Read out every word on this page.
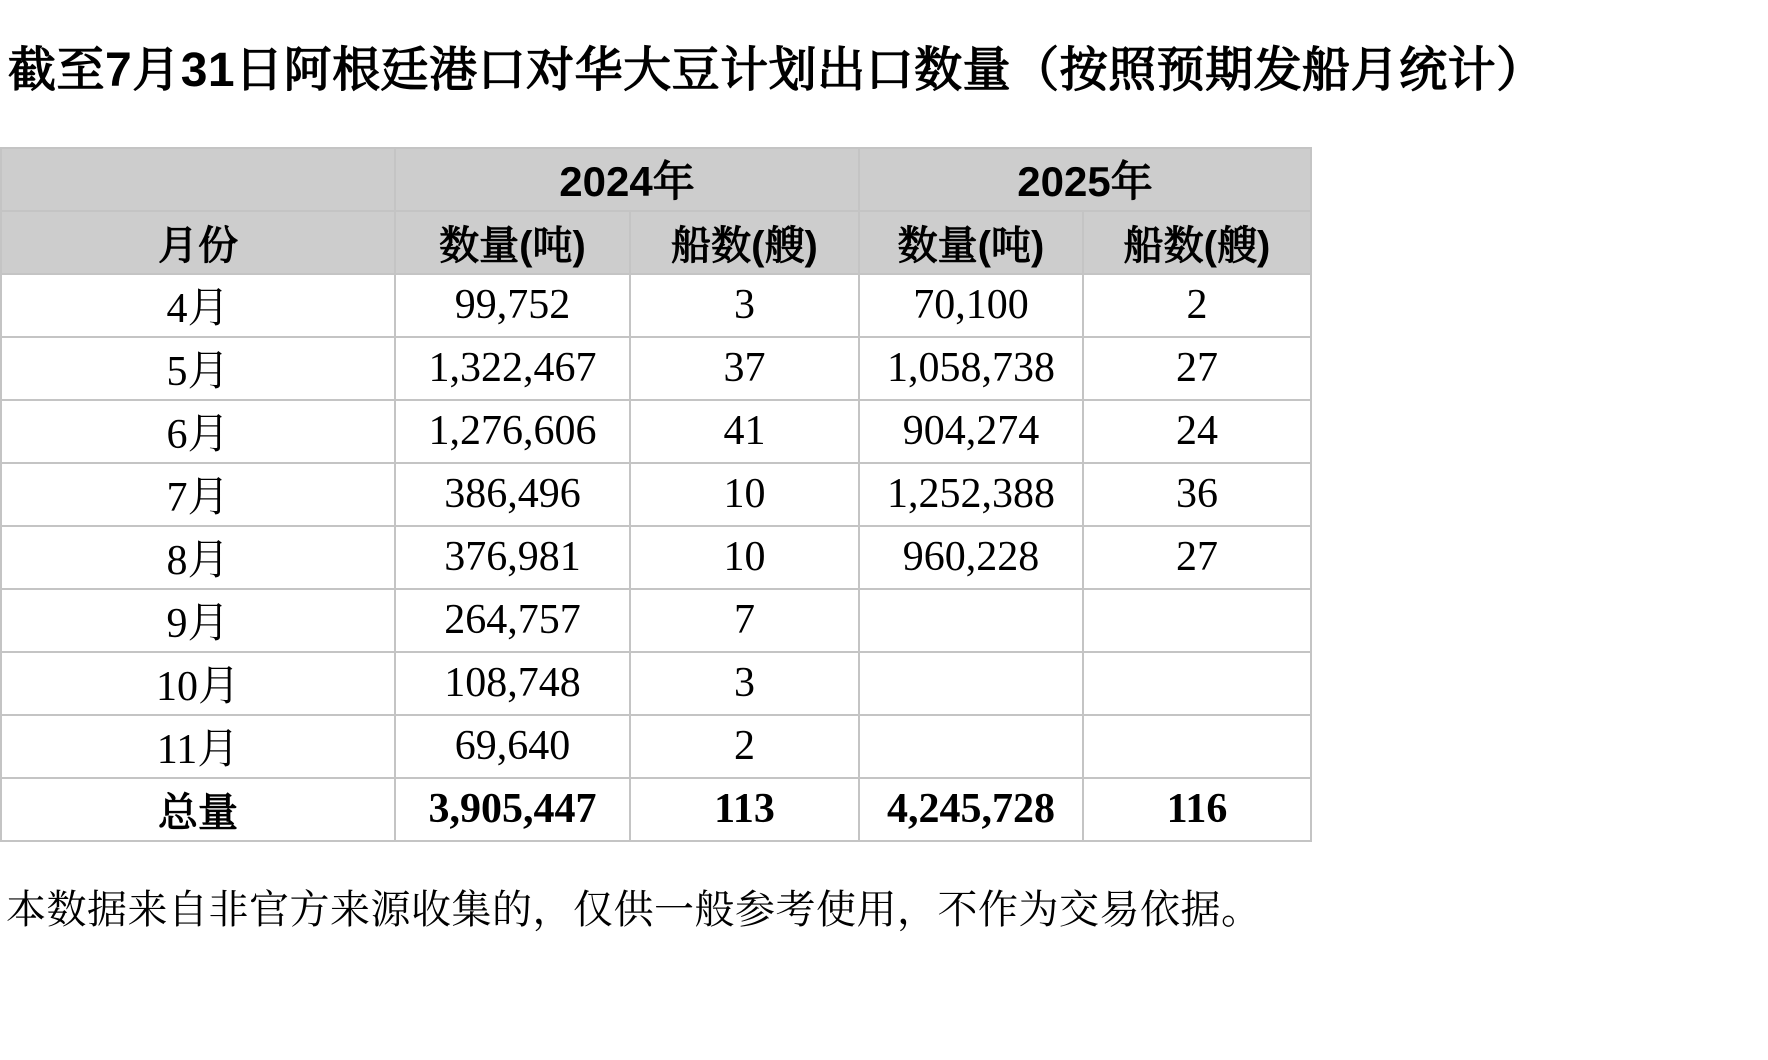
截至7月31日阿根廷港口对华大豆计划出口数量（按照预期发船月统计）
	2024年		2025年	
月份	数量(吨)	船数(艘)	数量(吨)	船数(艘)
4月	99,752	3	70,100	2
5月	1,322,467	37	1,058,738	27
6月	1,276,606	41	904,274	24
7月	386,496	10	1,252,388	36
8月	376,981	10	960,228	27
9月	264,757	7		
10月	108,748	3		
11月	69,640	2		
总量	3,905,447	113	4,245,728	116

本数据来自非官方来源收集的，仅供一般参考使用，不作为交易依据。
